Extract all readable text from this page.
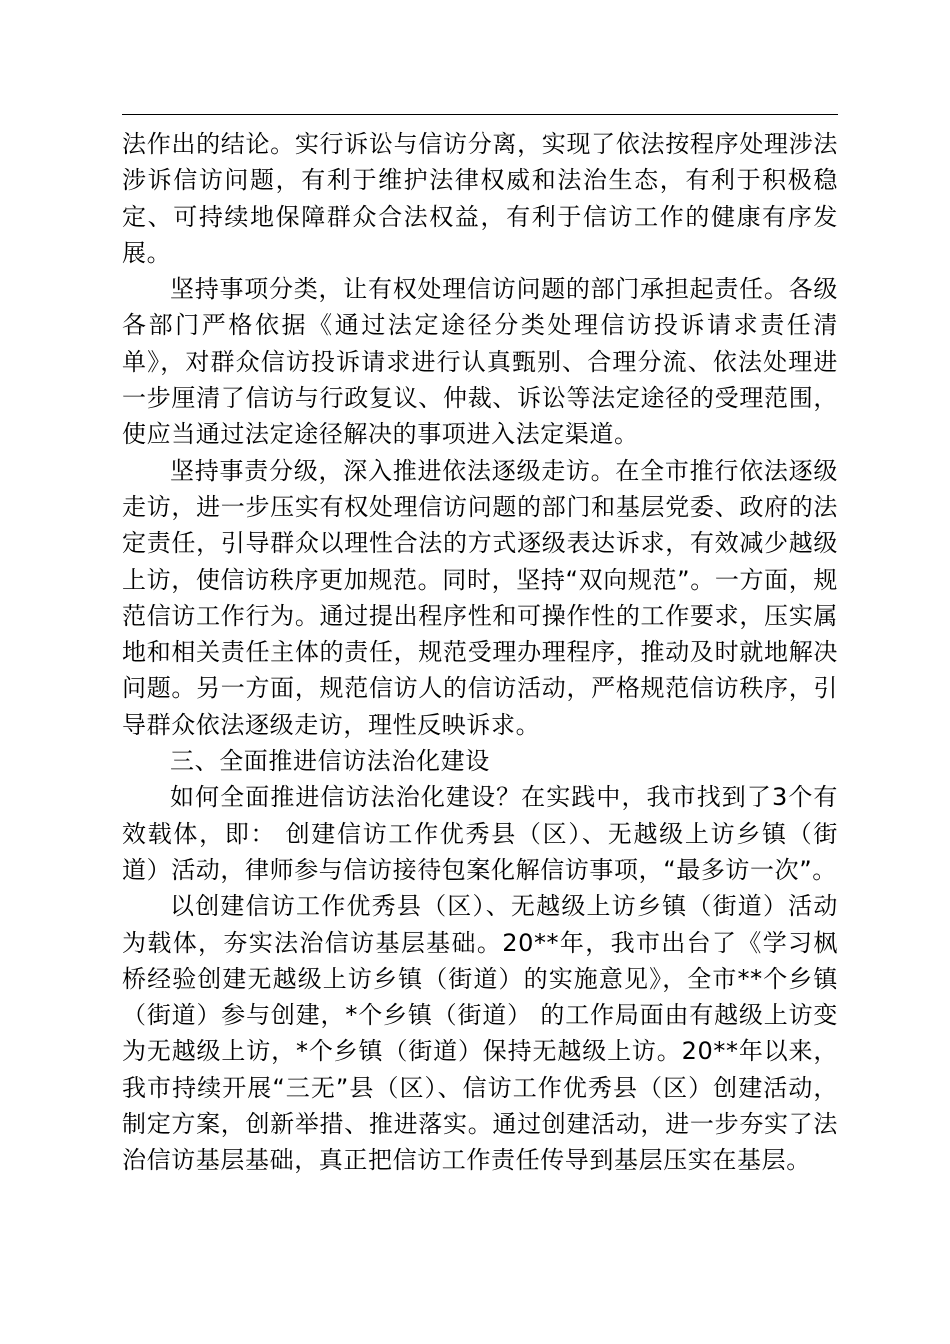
法作出的结论。实行诉讼与信访分离，实现了依法按程序处理涉法涉诉信访问题，有利于维护法律权威和法治生态，有利于积极稳定、可持续地保障群众合法权益，有利于信访工作的健康有序发展。

坚持事项分类，让有权处理信访问题的部门承担起责任。各级各部门严格依据《通过法定途径分类处理信访投诉请求责任清单》，对群众信访投诉请求进行认真甄别、合理分流、依法处理进一步厘清了信访与行政复议、仲裁、诉讼等法定途径的受理范围，使应当通过法定途径解决的事项进入法定渠道。

坚持事责分级，深入推进依法逐级走访。在全市推行依法逐级走访，进一步压实有权处理信访问题的部门和基层党委、政府的法定责任，引导群众以理性合法的方式逐级表达诉求，有效减少越级上访，使信访秩序更加规范。同时，坚持“双向规范”。一方面，规范信访工作行为。通过提出程序性和可操作性的工作要求，压实属地和相关责任主体的责任，规范受理办理程序，推动及时就地解决问题。另一方面，规范信访人的信访活动，严格规范信访秩序，引导群众依法逐级走访，理性反映诉求。

三、全面推进信访法治化建设

如何全面推进信访法治化建设？在实践中，我市找到了3个有效载体，即： 创建信访工作优秀县（区）、无越级上访乡镇（街道）活动，律师参与信访接待包案化解信访事项，“最多访一次”。

以创建信访工作优秀县（区）、无越级上访乡镇（街道）活动为载体，夯实法治信访基层基础。20**年，我市出台了《学习枫桥经验创建无越级上访乡镇（街道）的实施意见》，全市**个乡镇（街道）参与创建，*个乡镇（街道） 的工作局面由有越级上访变为无越级上访，*个乡镇（街道）保持无越级上访。20**年以来，我市持续开展“三无”县（区）、信访工作优秀县（区）创建活动，制定方案，创新举措、推进落实。通过创建活动，进一步夯实了法治信访基层基础，真正把信访工作责任传导到基层压实在基层。
